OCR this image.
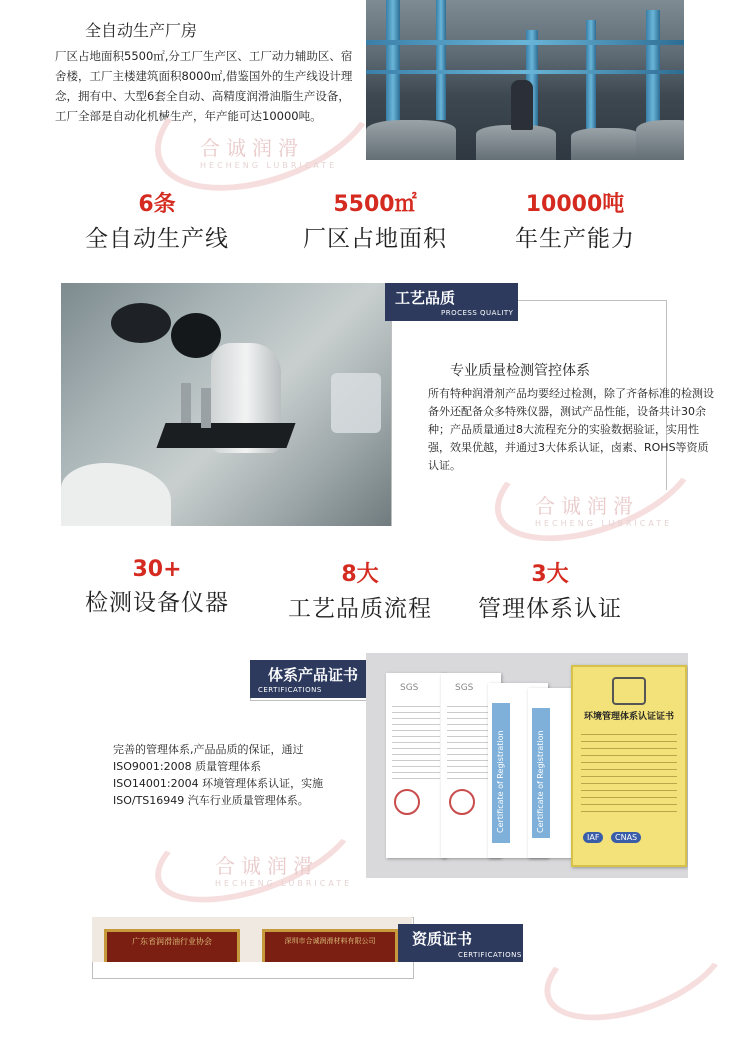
全自动生产厂房
厂区占地面积5500㎡,分工厂生产区、工厂动力辅助区、宿舍楼，工厂主楼建筑面积8000㎡,借鉴国外的生产线设计理念，拥有中、大型6套全自动、高精度润滑油脂生产设备，工厂全部是自动化机械生产，年产能可达10000吨。
合诚润滑
HECHENG LUBRICATE
6条
全自动生产线
5500㎡
厂区占地面积
10000吨
年生产能力
工艺品质
PROCESS QUALITY
专业质量检测管控体系
所有特种润滑剂产品均要经过检测，除了齐备标准的检测设备外还配备众多特殊仪器，测试产品性能，设备共计30余种；产品质量通过8大流程充分的实验数据验证，实用性强，效果优越，并通过3大体系认证，卤素、ROHS等资质认证。
合诚润滑
HECHENG LUBRICATE
30+
检测设备仪器
8大
工艺品质流程
3大
管理体系认证
体系产品证书
CERTIFICATIONS
完善的管理体系,产品品质的保证，通过 ISO9001:2008 质量管理体系 ISO14001:2004 环境管理体系认证，实施 ISO/TS16949 汽车行业质量管理体系。
合诚润滑
HECHENG LUBRICATE
SGS	SGS
Certificate of Registration	Certificate of Registration
环境管理体系认证证书
IAF	CNAS
广东省润滑油行业协会	深圳市合诚润滑材料有限公司	资质证书
CERTIFICATIONS
